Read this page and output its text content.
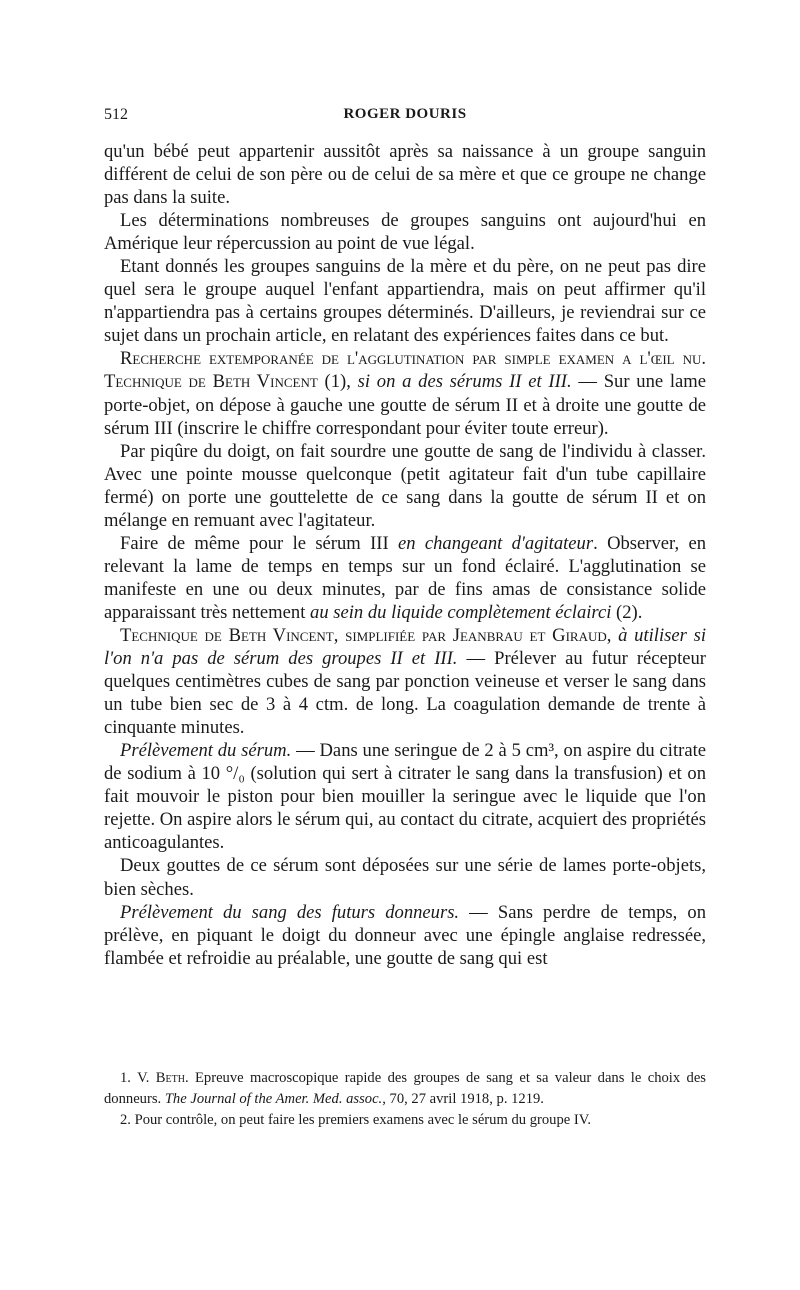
512	ROGER DOURIS

qu'un bébé peut appartenir aussitôt après sa naissance à un groupe sanguin différent de celui de son père ou de celui de sa mère et que ce groupe ne change pas dans la suite.

Les déterminations nombreuses de groupes sanguins ont aujourd'hui en Amérique leur répercussion au point de vue légal.

Etant donnés les groupes sanguins de la mère et du père, on ne peut pas dire quel sera le groupe auquel l'enfant appartiendra, mais on peut affirmer qu'il n'appartiendra pas à certains groupes déterminés. D'ailleurs, je reviendrai sur ce sujet dans un prochain article, en relatant des expériences faites dans ce but.

Recherche extemporanée de l'agglutination par simple examen a l'œil nu. Technique de Beth Vincent (1), si on a des sérums II et III. — Sur une lame porte-objet, on dépose à gauche une goutte de sérum II et à droite une goutte de sérum III (inscrire le chiffre correspondant pour éviter toute erreur).

Par piqûre du doigt, on fait sourdre une goutte de sang de l'individu à classer. Avec une pointe mousse quelconque (petit agitateur fait d'un tube capillaire fermé) on porte une gouttelette de ce sang dans la goutte de sérum II et on mélange en remuant avec l'agitateur.

Faire de même pour le sérum III en changeant d'agitateur. Observer, en relevant la lame de temps en temps sur un fond éclairé. L'agglutination se manifeste en une ou deux minutes, par de fins amas de consistance solide apparaissant très nettement au sein du liquide complètement éclairci (2).

Technique de Beth Vincent, simplifiée par Jeanbrau et Giraud, à utiliser si l'on n'a pas de sérum des groupes II et III. — Prélever au futur récepteur quelques centimètres cubes de sang par ponction veineuse et verser le sang dans un tube bien sec de 3 à 4 ctm. de long. La coagulation demande de trente à cinquante minutes.

Prélèvement du sérum. — Dans une seringue de 2 à 5 cm³, on aspire du citrate de sodium à 10 °/₀ (solution qui sert à citrater le sang dans la transfusion) et on fait mouvoir le piston pour bien mouiller la seringue avec le liquide que l'on rejette. On aspire alors le sérum qui, au contact du citrate, acquiert des propriétés anticoagulantes.

Deux gouttes de ce sérum sont déposées sur une série de lames porte-objets, bien sèches.

Prélèvement du sang des futurs donneurs. — Sans perdre de temps, on prélève, en piquant le doigt du donneur avec une épingle anglaise redressée, flambée et refroidie au préalable, une goutte de sang qui est

1. V. Beth. Epreuve macroscopique rapide des groupes de sang et sa valeur dans le choix des donneurs. The Journal of the Amer. Med. assoc., 70, 27 avril 1918, p. 1219.

2. Pour contrôle, on peut faire les premiers examens avec le sérum du groupe IV.
